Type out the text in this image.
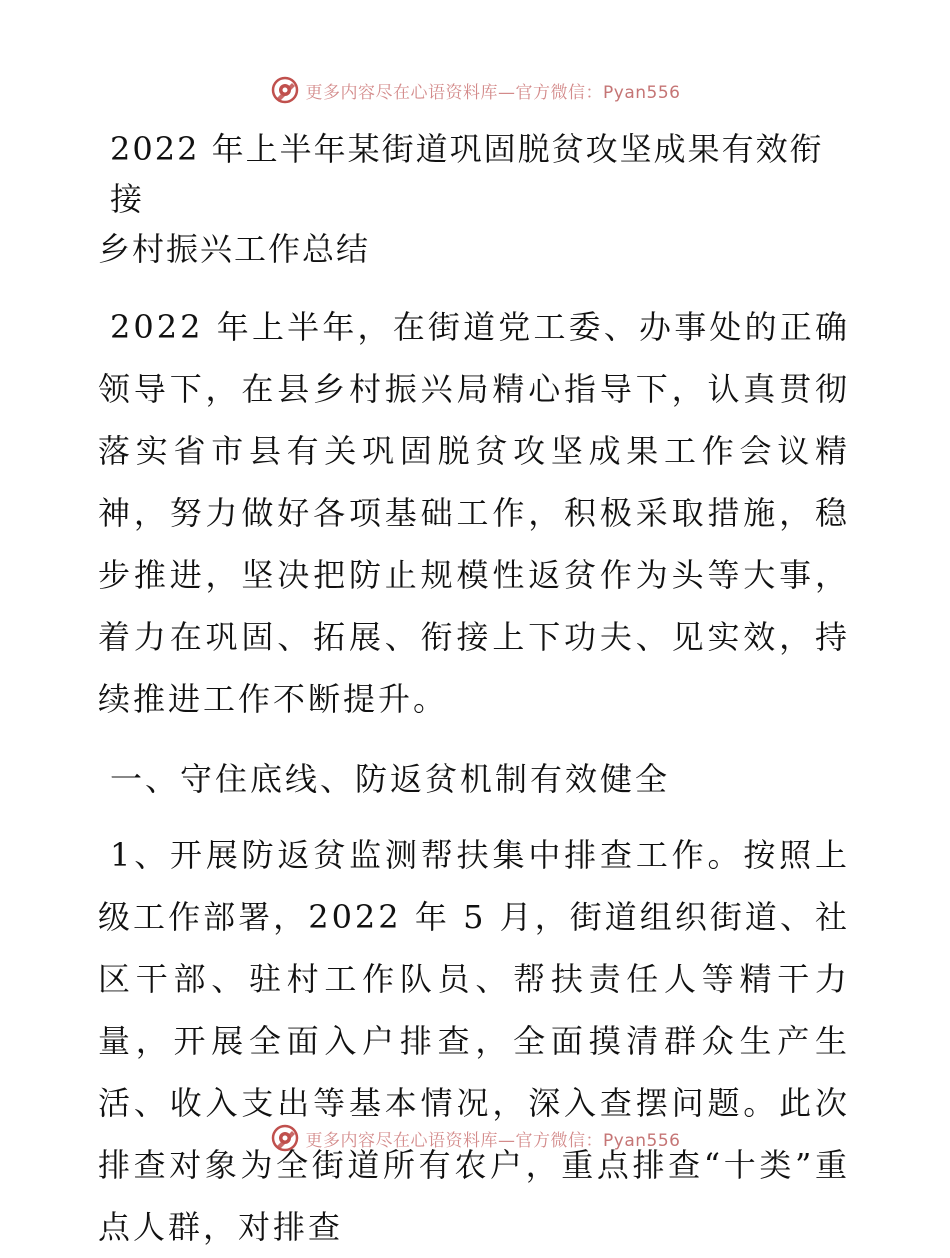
更多内容尽在心语资料库—官方微信：Pyan556
2022 年上半年某街道巩固脱贫攻坚成果有效衔接
乡村振兴工作总结

2022 年上半年，在街道党工委、办事处的正确领导下，在县乡村振兴局精心指导下，认真贯彻落实省市县有关巩固脱贫攻坚成果工作会议精神，努力做好各项基础工作，积极采取措施，稳步推进，坚决把防止规模性返贫作为头等大事，着力在巩固、拓展、衔接上下功夫、见实效，持续推进工作不断提升。

一、守住底线、防返贫机制有效健全

1、开展防返贫监测帮扶集中排查工作。按照上级工作部署，2022 年 5 月，街道组织街道、社区干部、驻村工作队员、帮扶责任人等精干力量，开展全面入户排查，全面摸清群众生产生活、收入支出等基本情况，深入查摆问题。此次排查对象为全街道所有农户，重点排查“十类”重点人群，对排查

更多内容尽在心语资料库—官方微信：Pyan556
